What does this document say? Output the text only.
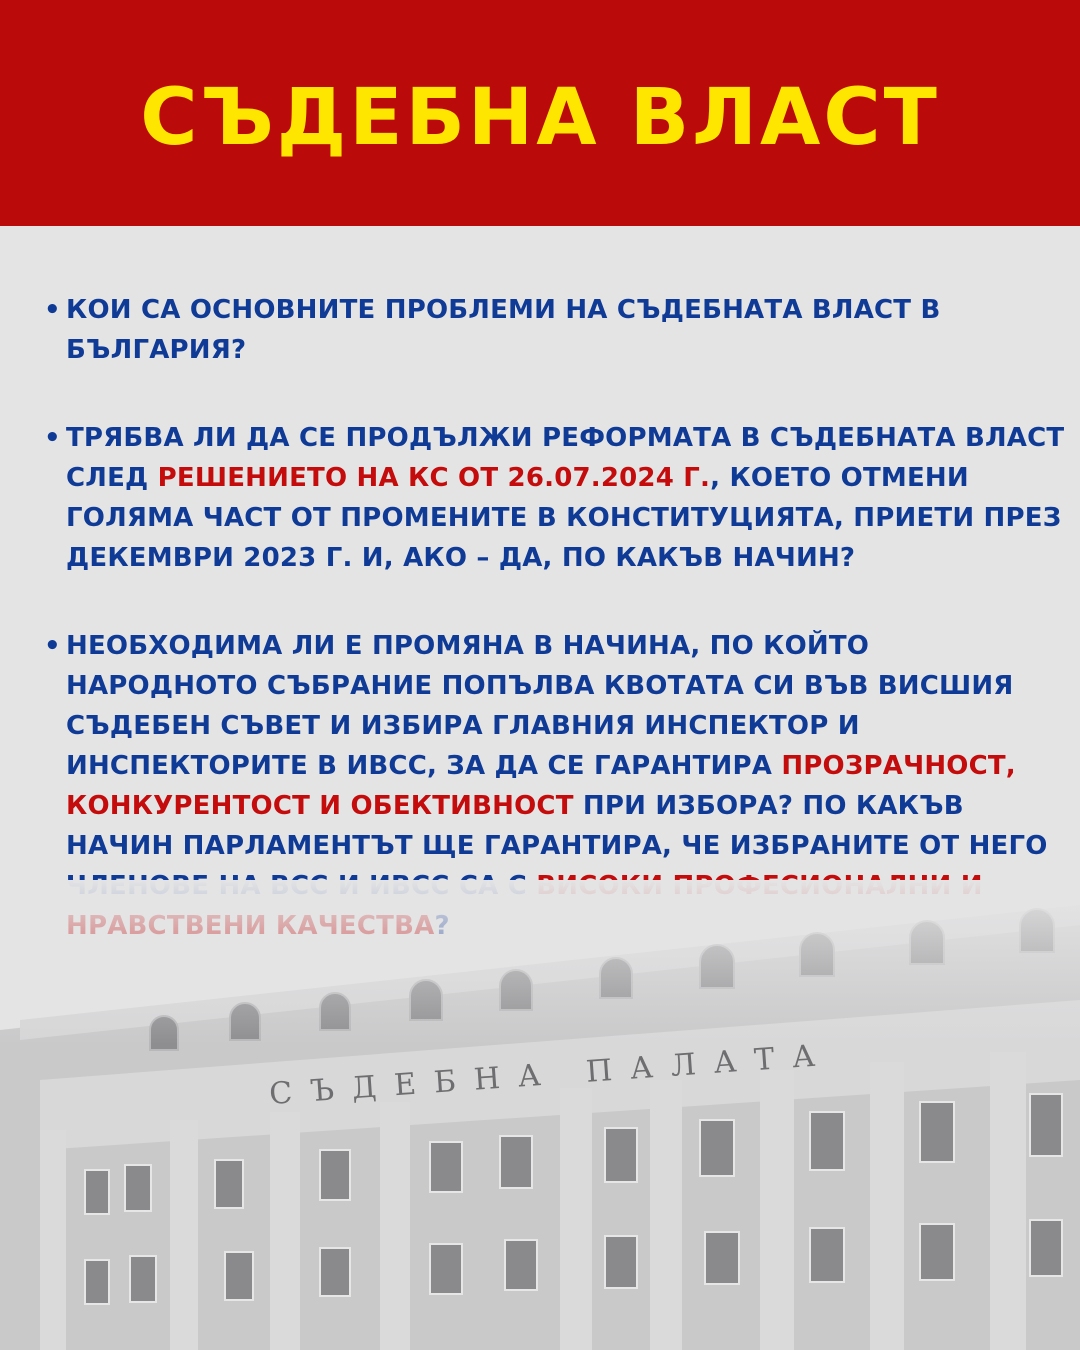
СЪДЕБНА ВЛАСТ
• КОИ СА ОСНОВНИТЕ ПРОБЛЕМИ НА СЪДЕБНАТА ВЛАСТ В БЪЛГАРИЯ?
• ТРЯБВА ЛИ ДА СЕ ПРОДЪЛЖИ РЕФОРМАТА В СЪДЕБНАТА ВЛАСТ СЛЕД РЕШЕНИЕТО НА КС ОТ 26.07.2024 Г., КОЕТО ОТМЕНИ ГОЛЯМА ЧАСТ ОТ ПРОМЕНИТЕ В КОНСТИТУЦИЯТА, ПРИЕТИ ПРЕЗ ДЕКЕМВРИ 2023 Г. И, АКО – ДА, ПО КАКЪВ НАЧИН?
• НЕОБХОДИМА ЛИ Е ПРОМЯНА В НАЧИНА, ПО КОЙТО НАРОДНОТО СЪБРАНИЕ ПОПЪЛВА КВОТАТА СИ ВЪВ ВИСШИЯ СЪДЕБЕН СЪВЕТ И ИЗБИРА ГЛАВНИЯ ИНСПЕКТОР И ИНСПЕКТОРИТЕ В ИВСС, ЗА ДА СЕ ГАРАНТИРА ПРОЗРАЧНОСТ, КОНКУРЕНТОСТ И ОБЕКТИВНОСТ ПРИ ИЗБОРА? ПО КАКЪВ НАЧИН ПАРЛАМЕНТЪТ ЩЕ ГАРАНТИРА, ЧЕ ИЗБРАНИТЕ ОТ НЕГО
